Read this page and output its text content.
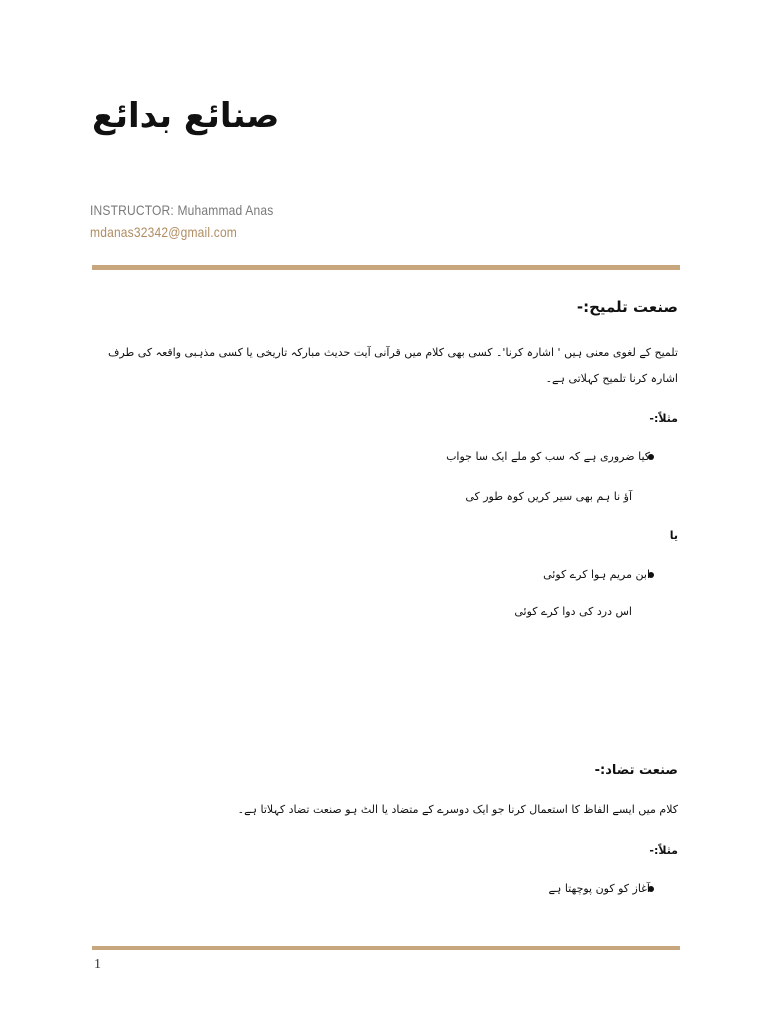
صنائع بدائع
INSTRUCTOR: Muhammad Anas
mdanas32342@gmail.com
صنعت تلمیح:-
تلمیح کے لغوی معنی ہیں ' اشارہ کرنا'۔ کسی بھی کلام میں قرآنی آیت حدیث مبارکہ تاریخی یا کسی مذہبی واقعہ کی طرف اشارہ کرنا تلمیح کہلاتی ہے۔
مثلاً:-
کیا ضروری ہے کہ سب کو ملے ایک سا جواب
آؤ نا ہم بھی سیر کریں کوہ طور کی
یا
ابن مریم ہوا کرے کوئی
اس درد کی دوا کرے کوئی
صنعت تضاد:-
کلام میں ایسے الفاظ کا استعمال کرنا جو ایک دوسرے کے متضاد یا الٹ ہو صنعت تضاد کہلاتا ہے۔
مثلاً:-
آغاز کو کون پوچھتا ہے
1
